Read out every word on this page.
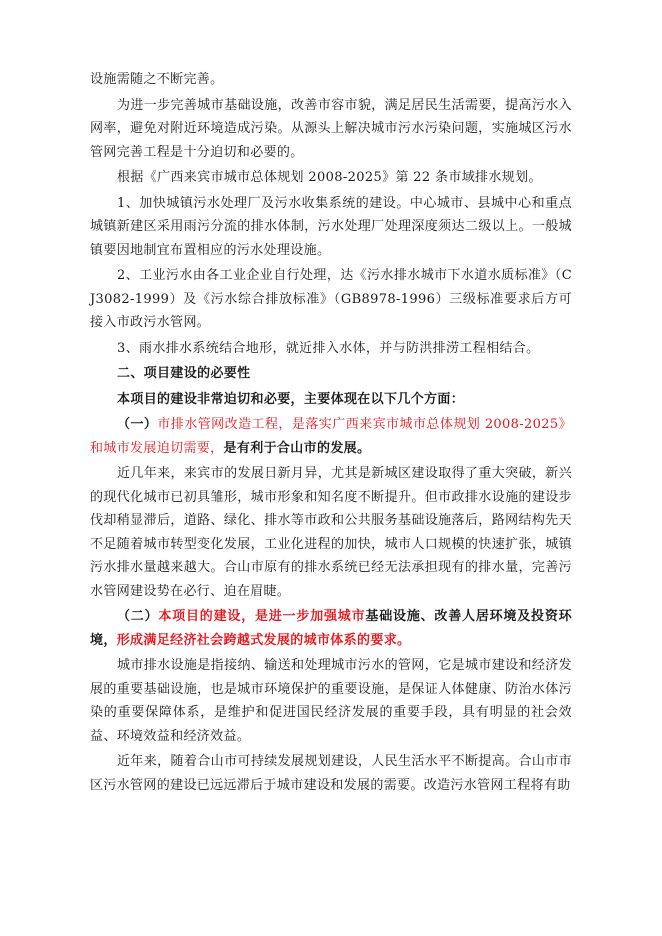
设施需随之不断完善。

为进一步完善城市基础设施，改善市容市貌，满足居民生活需要，提高污水入网率，避免对附近环境造成污染。从源头上解决城市污水污染问题，实施城区污水管网完善工程是十分迫切和必要的。

根据《广西来宾市城市总体规划 2008-2025》第 22 条市域排水规划。

1、加快城镇污水处理厂及污水收集系统的建设。中心城市、县城中心和重点城镇新建区采用雨污分流的排水体制，污水处理厂处理深度须达二级以上。一般城镇要因地制宜布置相应的污水处理设施。

2、工业污水由各工业企业自行处理，达《污水排水城市下水道水质标准》（CJ3082-1999）及《污水综合排放标准》（GB8978-1996）三级标准要求后方可接入市政污水管网。

3、雨水排水系统结合地形，就近排入水体，并与防洪排涝工程相结合。

二、项目建设的必要性

本项目的建设非常迫切和必要，主要体现在以下几个方面：

（一）市排水管网改造工程，是落实广西来宾市城市总体规划 2008-2025》和城市发展迫切需要，是有利于合山市的发展。

近几年来，来宾市的发展日新月异，尤其是新城区建设取得了重大突破，新兴的现代化城市已初具雏形，城市形象和知名度不断提升。但市政排水设施的建设步伐却稍显滞后，道路、绿化、排水等市政和公共服务基础设施落后，路网结构先天不足随着城市转型变化发展，工业化进程的加快，城市人口规模的快速扩张，城镇污水排水量越来越大。合山市原有的排水系统已经无法承担现有的排水量，完善污水管网建设势在必行、迫在眉睫。

（二）本项目的建设，是进一步加强城市基础设施、改善人居环境及投资环境，形成满足经济社会跨越式发展的城市体系的要求。

城市排水设施是指接纳、输送和处理城市污水的管网，它是城市建设和经济发展的重要基础设施，也是城市环境保护的重要设施，是保证人体健康、防治水体污染的重要保障体系，是维护和促进国民经济发展的重要手段，具有明显的社会效益、环境效益和经济效益。

近年来，随着合山市可持续发展规划建设，人民生活水平不断提高。合山市市区污水管网的建设已远远滞后于城市建设和发展的需要。改造污水管网工程将有助
